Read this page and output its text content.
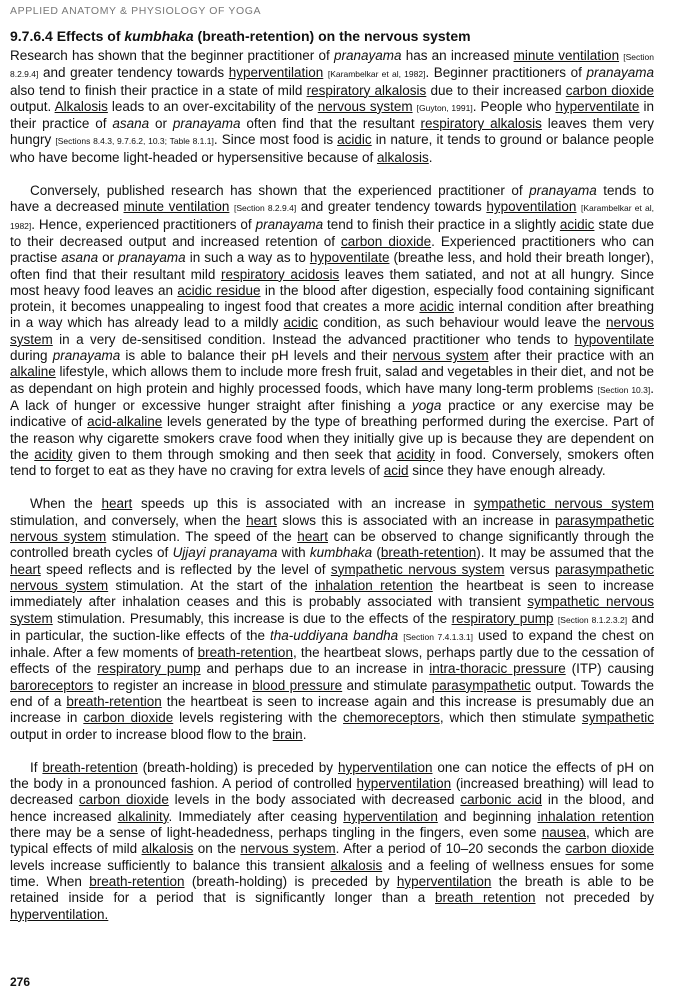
APPLIED ANATOMY & PHYSIOLOGY OF YOGA
9.7.6.4 Effects of kumbhaka (breath-retention) on the nervous system

Research has shown that the beginner practitioner of pranayama has an increased minute ventilation [Section 8.2.9.4] and greater tendency towards hyperventilation [Karambelkar et al, 1982]. Beginner practitioners of pranayama also tend to finish their practice in a state of mild respiratory alkalosis due to their increased carbon dioxide output. Alkalosis leads to an over-excitability of the nervous system [Guyton, 1991]. People who hyperventilate in their practice of asana or pranayama often find that the resultant respiratory alkalosis leaves them very hungry [Sections 8.4.3, 9.7.6.2, 10.3; Table 8.1.1]. Since most food is acidic in nature, it tends to ground or balance people who have become light-headed or hypersensitive because of alkalosis.

Conversely, published research has shown that the experienced practitioner of pranayama tends to have a decreased minute ventilation [Section 8.2.9.4] and greater tendency towards hypoventilation [Karambelkar et al, 1982]. Hence, experienced practitioners of pranayama tend to finish their practice in a slightly acidic state due to their decreased output and increased retention of carbon dioxide. Experienced practitioners who can practise asana or pranayama in such a way as to hypoventilate (breathe less, and hold their breath longer), often find that their resultant mild respiratory acidosis leaves them satiated, and not at all hungry. Since most heavy food leaves an acidic residue in the blood after digestion, especially food containing significant protein, it becomes unappealing to ingest food that creates a more acidic internal condition after breathing in a way which has already lead to a mildly acidic condition, as such behaviour would leave the nervous system in a very de-sensitised condition. Instead the advanced practitioner who tends to hypoventilate during pranayama is able to balance their pH levels and their nervous system after their practice with an alkaline lifestyle, which allows them to include more fresh fruit, salad and vegetables in their diet, and not be as dependant on high protein and highly processed foods, which have many long-term problems [Section 10.3]. A lack of hunger or excessive hunger straight after finishing a yoga practice or any exercise may be indicative of acid-alkaline levels generated by the type of breathing performed during the exercise. Part of the reason why cigarette smokers crave food when they initially give up is because they are dependent on the acidity given to them through smoking and then seek that acidity in food. Conversely, smokers often tend to forget to eat as they have no craving for extra levels of acid since they have enough already.

When the heart speeds up this is associated with an increase in sympathetic nervous system stimulation, and conversely, when the heart slows this is associated with an increase in parasympathetic nervous system stimulation. The speed of the heart can be observed to change significantly through the controlled breath cycles of Ujjayi pranayama with kumbhaka (breath-retention). It may be assumed that the heart speed reflects and is reflected by the level of sympathetic nervous system versus parasympathetic nervous system stimulation. At the start of the inhalation retention the heartbeat is seen to increase immediately after inhalation ceases and this is probably associated with transient sympathetic nervous system stimulation. Presumably, this increase is due to the effects of the respiratory pump [Section 8.1.2.3.2] and in particular, the suction-like effects of the tha-uddiyana bandha [Section 7.4.1.3.1] used to expand the chest on inhale. After a few moments of breath-retention, the heartbeat slows, perhaps partly due to the cessation of effects of the respiratory pump and perhaps due to an increase in intra-thoracic pressure (ITP) causing baroreceptors to register an increase in blood pressure and stimulate parasympathetic output. Towards the end of a breath-retention the heartbeat is seen to increase again and this increase is presumably due an increase in carbon dioxide levels registering with the chemoreceptors, which then stimulate sympathetic output in order to increase blood flow to the brain.

If breath-retention (breath-holding) is preceded by hyperventilation one can notice the effects of pH on the body in a pronounced fashion. A period of controlled hyperventilation (increased breathing) will lead to decreased carbon dioxide levels in the body associated with decreased carbonic acid in the blood, and hence increased alkalinity. Immediately after ceasing hyperventilation and beginning inhalation retention there may be a sense of light-headedness, perhaps tingling in the fingers, even some nausea, which are typical effects of mild alkalosis on the nervous system. After a period of 10–20 seconds the carbon dioxide levels increase sufficiently to balance this transient alkalosis and a feeling of wellness ensues for some time. When breath-retention (breath-holding) is preceded by hyperventilation the breath is able to be retained inside for a period that is significantly longer than a breath retention not preceded by hyperventilation.

276
